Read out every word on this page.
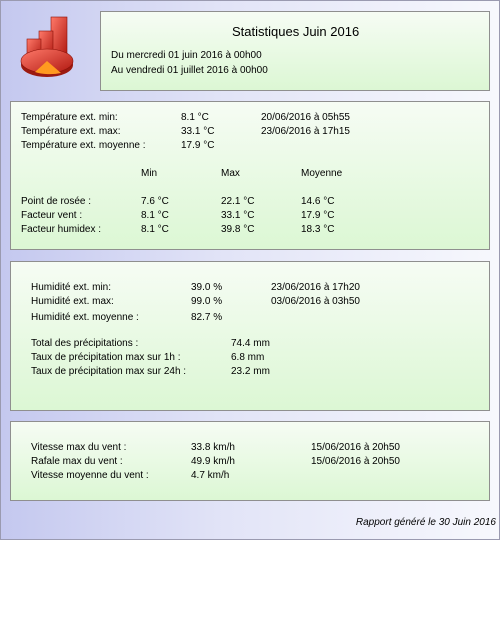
Statistiques Juin 2016
Du mercredi 01 juin 2016 à 00h00
Au vendredi 01 juillet 2016 à 00h00
Température ext. min:	8.1 °C	20/06/2016 à 05h55
Température ext. max:	33.1 °C	23/06/2016 à 17h15
Température ext. moyenne :	17.9 °C
Min	Max	Moyenne
Point de rosée :	7.6 °C	22.1 °C	14.6 °C
Facteur vent :	8.1 °C	33.1 °C	17.9 °C
Facteur humidex :	8.1 °C	39.8 °C	18.3 °C
Humidité ext. min:	39.0 %	23/06/2016 à 17h20
Humidité ext. max:	99.0 %	03/06/2016 à 03h50
Humidité ext. moyenne :	82.7 %
Total des précipitations :	74.4 mm
Taux de précipitation max sur 1h :	6.8 mm
Taux de précipitation max sur 24h :	23.2 mm
Vitesse max du vent :	33.8 km/h	15/06/2016 à 20h50
Rafale max du vent :	49.9 km/h	15/06/2016 à 20h50
Vitesse moyenne du vent :	4.7 km/h
Rapport généré le 30 Juin 2016
